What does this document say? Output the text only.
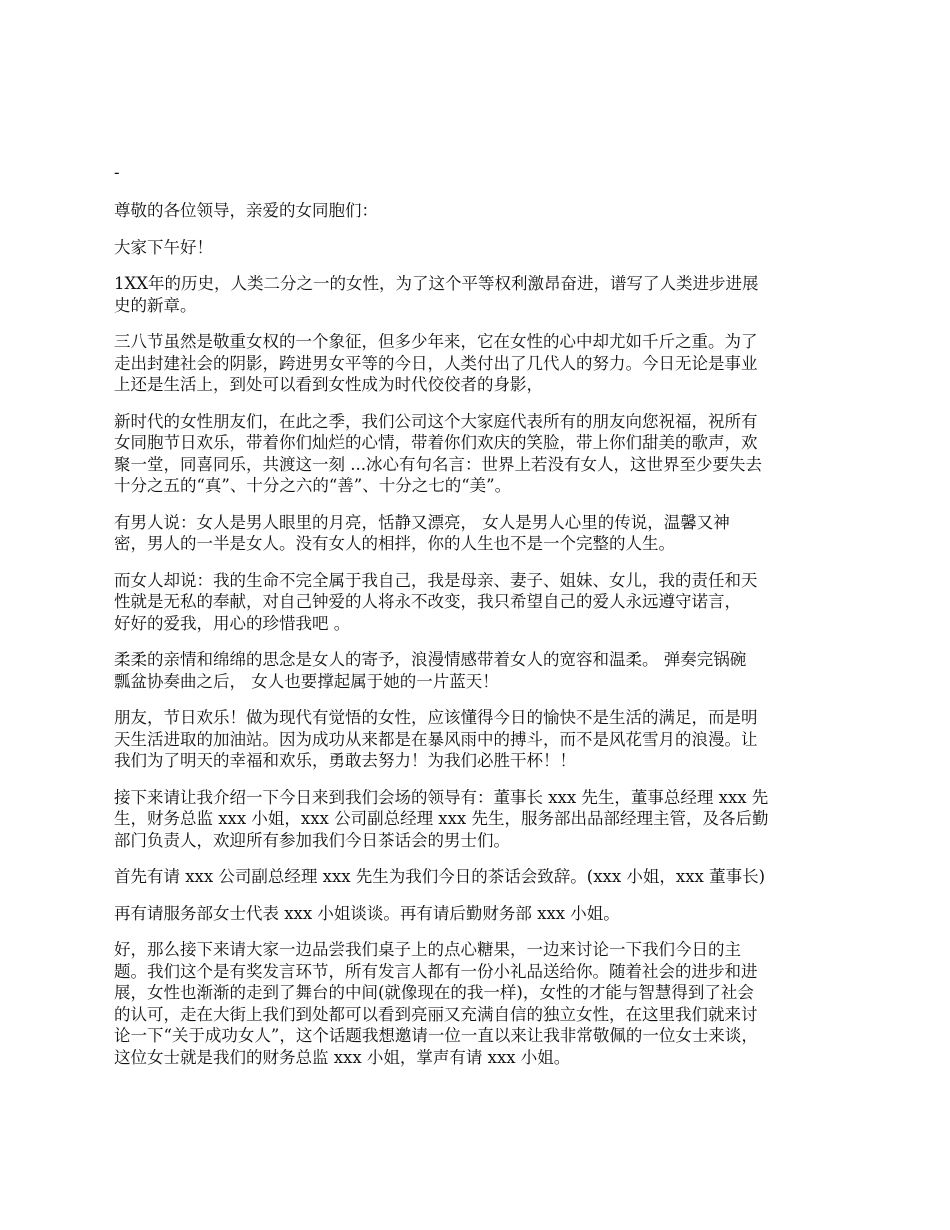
-

尊敬的各位领导，亲爱的女同胞们：

大家下午好！

1XX年的历史，人类二分之一的女性，为了这个平等权利激昂奋进，谱写了人类进步进展
史的新章。

三八节虽然是敬重女权的一个象征，但多少年来，它在女性的心中却尤如千斤之重。为了
走出封建社会的阴影，跨进男女平等的今日，人类付出了几代人的努力。今日无论是事业
上还是生活上，到处可以看到女性成为时代佼佼者的身影，

新时代的女性朋友们，在此之季，我们公司这个大家庭代表所有的朋友向您祝福，祝所有
女同胞节日欢乐，带着你们灿烂的心情，带着你们欢庆的笑脸，带上你们甜美的歌声，欢
聚一堂，同喜同乐，共渡这一刻 ...冰心有句名言：世界上若没有女人，这世界至少要失去
十分之五的“真”、十分之六的“善”、十分之七的“美”。

有男人说：女人是男人眼里的月亮，恬静又漂亮， 女人是男人心里的传说，温馨又神
密，男人的一半是女人。没有女人的相拌，你的人生也不是一个完整的人生。

而女人却说：我的生命不完全属于我自己，我是母亲、妻子、姐妹、女儿，我的责任和天
性就是无私的奉献，对自己钟爱的人将永不改变，我只希望自己的爱人永远遵守诺言，
好好的爱我，用心的珍惜我吧 。

柔柔的亲情和绵绵的思念是女人的寄予，浪漫情感带着女人的宽容和温柔。 弹奏完锅碗
瓢盆协奏曲之后， 女人也要撑起属于她的一片蓝天！

朋友，节日欢乐！做为现代有觉悟的女性，应该懂得今日的愉快不是生活的满足，而是明
天生活进取的加油站。因为成功从来都是在暴风雨中的搏斗，而不是风花雪月的浪漫。让
我们为了明天的幸福和欢乐，勇敢去努力！为我们必胜干杯！！

接下来请让我介绍一下今日来到我们会场的领导有：董事长 xxx 先生，董事总经理 xxx 先
生，财务总监 xxx 小姐，xxx 公司副总经理 xxx 先生，服务部出品部经理主管，及各后勤
部门负责人，欢迎所有参加我们今日茶话会的男士们。

首先有请 xxx 公司副总经理 xxx 先生为我们今日的茶话会致辞。(xxx 小姐，xxx 董事长)

再有请服务部女士代表 xxx 小姐谈谈。再有请后勤财务部 xxx 小姐。

好，那么接下来请大家一边品尝我们桌子上的点心糖果，一边来讨论一下我们今日的主
题。我们这个是有奖发言环节，所有发言人都有一份小礼品送给你。随着社会的进步和进
展，女性也渐渐的走到了舞台的中间(就像现在的我一样)，女性的才能与智慧得到了社会
的认可，走在大街上我们到处都可以看到亮丽又充满自信的独立女性，在这里我们就来讨
论一下“关于成功女人”，这个话题我想邀请一位一直以来让我非常敬佩的一位女士来谈，
这位女士就是我们的财务总监 xxx 小姐，掌声有请 xxx 小姐。
